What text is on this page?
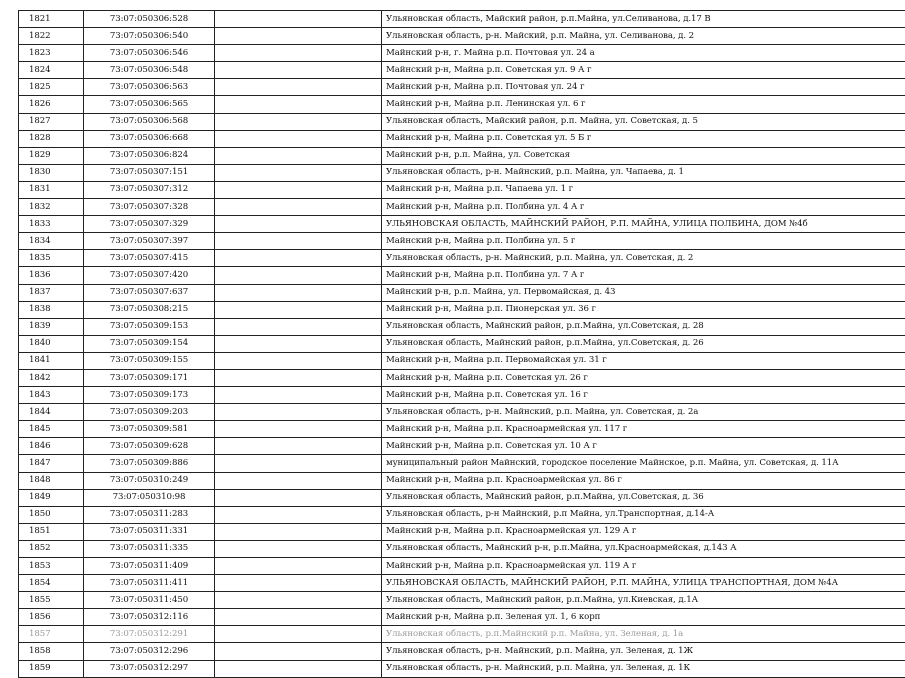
1821	73:07:050306:528		Ульяновская область, Майский район, р.п.Майна, ул.Селиванова, д.17 В
1822	73:07:050306:540		Ульяновская область, р-н. Майский, р.п. Майна, ул. Селиванова, д. 2
1823	73:07:050306:546		Майнский р-н, г. Майна р.п. Почтовая ул. 24 а
1824	73:07:050306:548		Майнский р-н, Майна р.п. Советская ул. 9 А г
1825	73:07:050306:563		Майнский р-н, Майна р.п. Почтовая ул. 24 г
1826	73:07:050306:565		Майнский р-н, Майна р.п. Ленинская ул. 6 г
1827	73:07:050306:568		Ульяновская область, Майский район, р.п. Майна, ул. Советская, д. 5
1828	73:07:050306:668		Майнский р-н, Майна р.п. Советская ул. 5 Б г
1829	73:07:050306:824		Майнский р-н, р.п. Майна, ул. Советская
1830	73:07:050307:151		Ульяновская область, р-н. Майнский, р.п. Майна, ул. Чапаева, д. 1
1831	73:07:050307:312		Майнский р-н, Майна р.п. Чапаева ул. 1 г
1832	73:07:050307:328		Майнский р-н, Майна р.п. Полбина ул. 4 А г
1833	73:07:050307:329		УЛЬЯНОВСКАЯ ОБЛАСТЬ, МАЙНСКИЙ РАЙОН, Р.П. МАЙНА, УЛИЦА ПОЛБИНА, ДОМ №4б
1834	73:07:050307:397		Майнский р-н, Майна р.п. Полбина ул. 5 г
1835	73:07:050307:415		Ульяновская область, р-н. Майнский, р.п. Майна, ул. Советская, д. 2
1836	73:07:050307:420		Майнский р-н, Майна р.п. Полбина ул. 7 А г
1837	73:07:050307:637		Майнский р-н, р.п. Майна, ул. Первомайская, д. 43
1838	73:07:050308:215		Майнский р-н, Майна р.п. Пионерская ул. 36 г
1839	73:07:050309:153		Ульяновская область, Майнский район, р.п.Майна, ул.Советская, д. 28
1840	73:07:050309:154		Ульяновская область, Майнский район, р.п.Майна, ул.Советская, д. 26
1841	73:07:050309:155		Майнский р-н, Майна р.п. Первомайская ул. 31 г
1842	73:07:050309:171		Майнский р-н, Майна р.п. Советская ул. 26 г
1843	73:07:050309:173		Майнский р-н, Майна р.п. Советская ул. 16 г
1844	73:07:050309:203		Ульяновская область, р-н. Майнский, р.п. Майна, ул. Советская, д. 2а
1845	73:07:050309:581		Майнский р-н, Майна р.п. Красноармейская ул. 117 г
1846	73:07:050309:628		Майнский р-н, Майна р.п. Советская ул. 10 А г
1847	73:07:050309:886		муниципальный район Майнский, городское поселение Майнское, р.п. Майна, ул. Советская, д. 11А
1848	73:07:050310:249		Майнский р-н, Майна р.п. Красноармейская ул. 86 г
1849	73:07:050310:98		Ульяновская область, Майнский район, р.п.Майна, ул.Советская, д. 36
1850	73:07:050311:283		Ульяновская область, р-н Майнский, р.п Майна, ул.Транспортная, д.14-А
1851	73:07:050311:331		Майнский р-н, Майна р.п. Красноармейская ул. 129 А г
1852	73:07:050311:335		Ульяновская область, Майнский р-н, р.п.Майна, ул.Красноармейская, д.143 А
1853	73:07:050311:409		Майнский р-н, Майна р.п. Красноармейская ул. 119 А г
1854	73:07:050311:411		УЛЬЯНОВСКАЯ ОБЛАСТЬ, МАЙНСКИЙ РАЙОН, Р.П. МАЙНА, УЛИЦА ТРАНСПОРТНАЯ, ДОМ №4А
1855	73:07:050311:450		Ульяновская область, Майнский район, р.п.Майна, ул.Киевская, д.1А
1856	73:07:050312:116		Майнский р-н, Майна р.п. Зеленая ул. 1, 6 корп
1857	73:07:050312:291		Ульяновская область, р.п.Майнский р.п. Майна, ул. Зеленая, д. 1а
1858	73:07:050312:296		Ульяновская область, р-н. Майнский, р.п. Майна, ул. Зеленая, д. 1Ж
1859	73:07:050312:297		Ульяновская область, р-н. Майнский, р.п. Майна, ул. Зеленая, д. 1К
